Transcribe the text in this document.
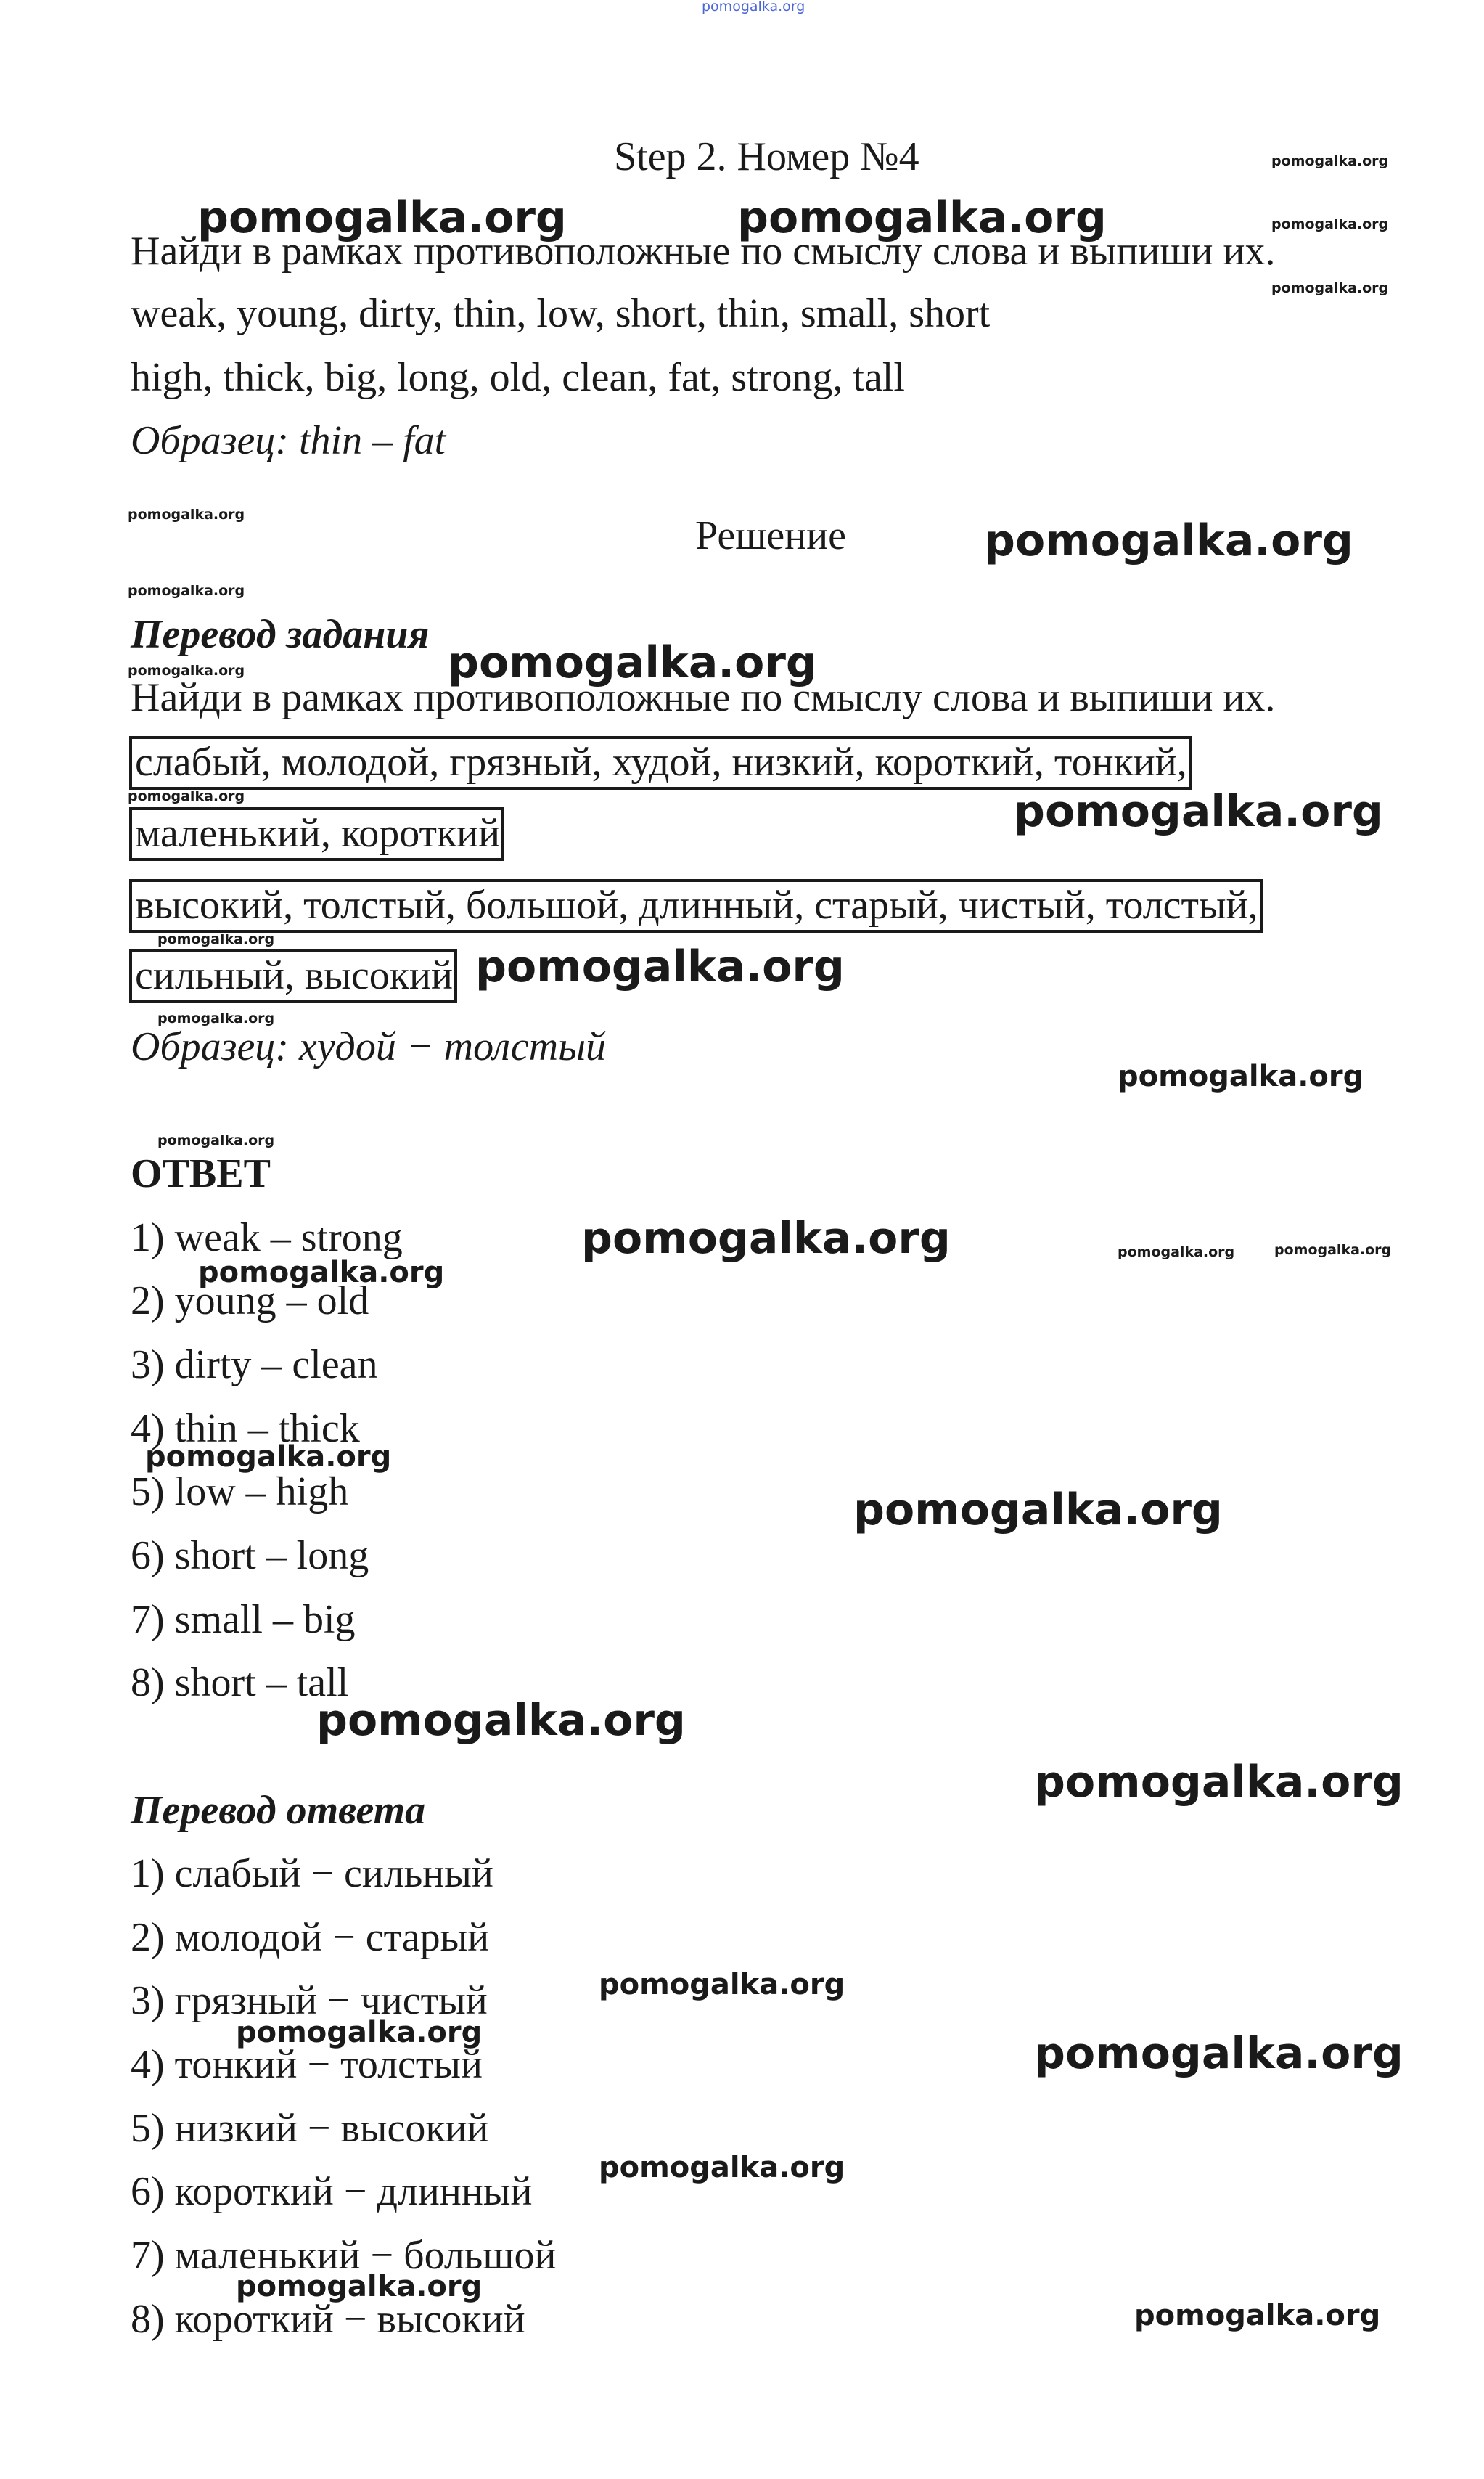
pomogalka.org
Step 2. Номер №4
Найди в рамках противоположные по смыслу слова и выпиши их.
weak, young, dirty, thin, low, short, thin, small, short
high, thick, big, long, old, clean, fat, strong, tall
Образец: thin – fat
Решение
Перевод задания
Найди в рамках противоположные по смыслу слова и выпиши их.
слабый, молодой, грязный, худой, низкий, короткий, тонкий,
маленький, короткий
высокий, толстый, большой, длинный, старый, чистый, толстый,
сильный, высокий
Образец: худой − толстый
ОТВЕТ
1) weak – strong
2) young – old
3) dirty – clean
4) thin – thick
5) low – high
6) short – long
7) small – big
8) short – tall
Перевод ответа
1) слабый − сильный
2) молодой − старый
3) грязный − чистый
4) тонкий − толстый
5) низкий − высокий
6) короткий − длинный
7) маленький − большой
8) короткий − высокий
pomogalka.org	pomogalka.org
pomogalka.org
pomogalka.org
pomogalka.org
pomogalka.org
pomogalka.org
pomogalka.org
pomogalka.org
pomogalka.org
pomogalka.org
pomogalka.org
pomogalka.org
pomogalka.org
pomogalka.org
pomogalka.org
pomogalka.org
pomogalka.org
pomogalka.org
pomogalka.org
pomogalka.org
pomogalka.org
pomogalka.org
pomogalka.org
pomogalka.org
pomogalka.org
pomogalka.org
pomogalka.org
pomogalka.org
pomogalka.org	pomogalka.org
